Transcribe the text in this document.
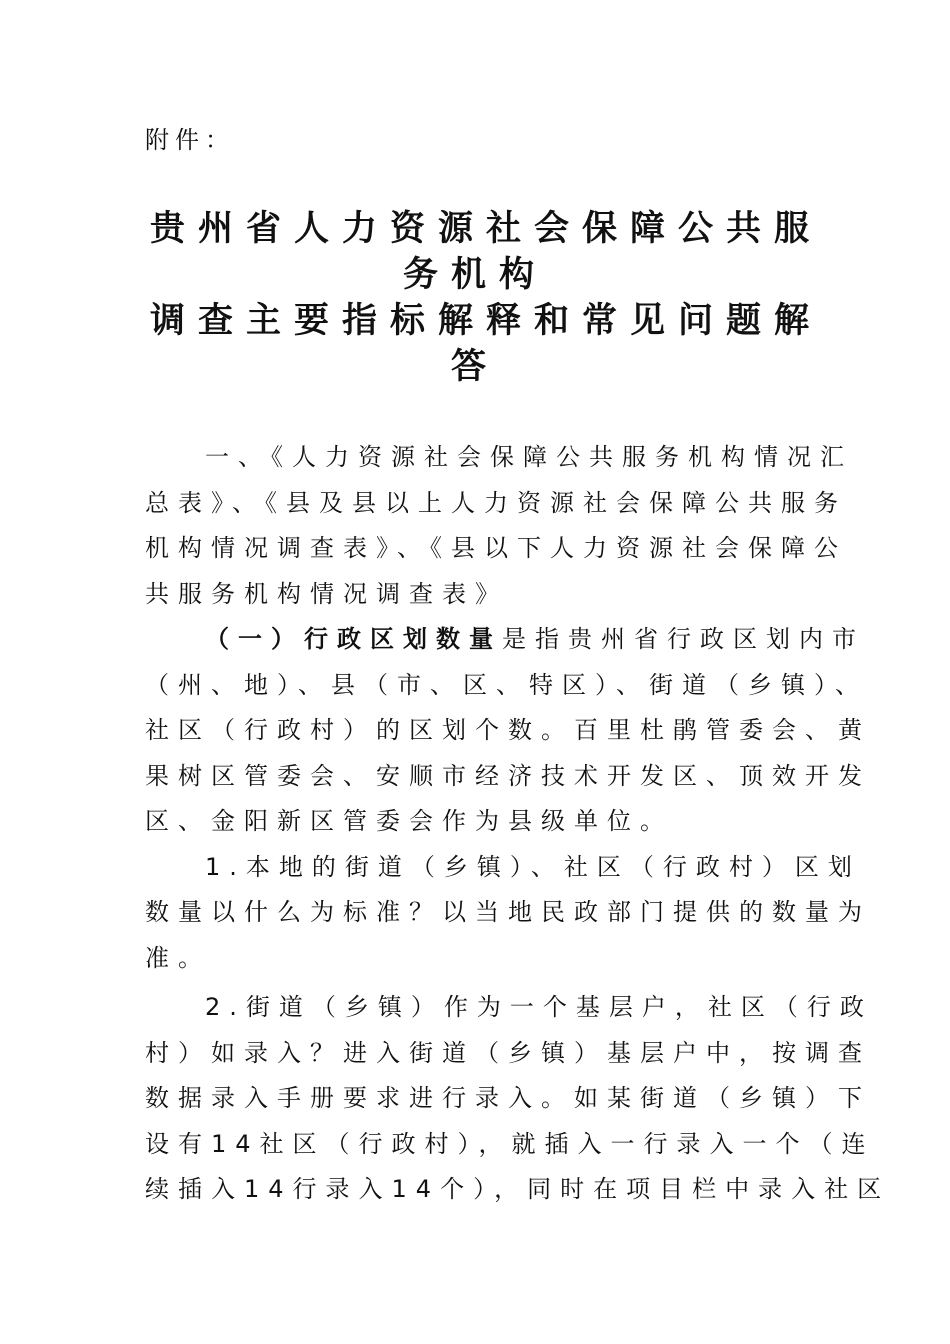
附件：
贵州省人力资源社会保障公共服
务机构
调查主要指标解释和常见问题解
答
一、《人力资源社会保障公共服务机构情况汇
总表》、《县及县以上人力资源社会保障公共服务
机构情况调查表》、《县以下人力资源社会保障公
共服务机构情况调查表》
（一）行政区划数量是指贵州省行政区划内市
（州、地）、县（市、区、特区）、街道（乡镇）、
社区（行政村）的区划个数。百里杜鹃管委会、黄
果树区管委会、安顺市经济技术开发区、顶效开发
区、金阳新区管委会作为县级单位。
1.本地的街道（乡镇）、社区（行政村）区划
数量以什么为标准？以当地民政部门提供的数量为
准。
2.街道（乡镇）作为一个基层户，社区（行政
村）如录入？进入街道（乡镇）基层户中，按调查
数据录入手册要求进行录入。如某街道（乡镇）下
设有14社区（行政村），就插入一行录入一个（连
续插入14行录入14个），同时在项目栏中录入社区
